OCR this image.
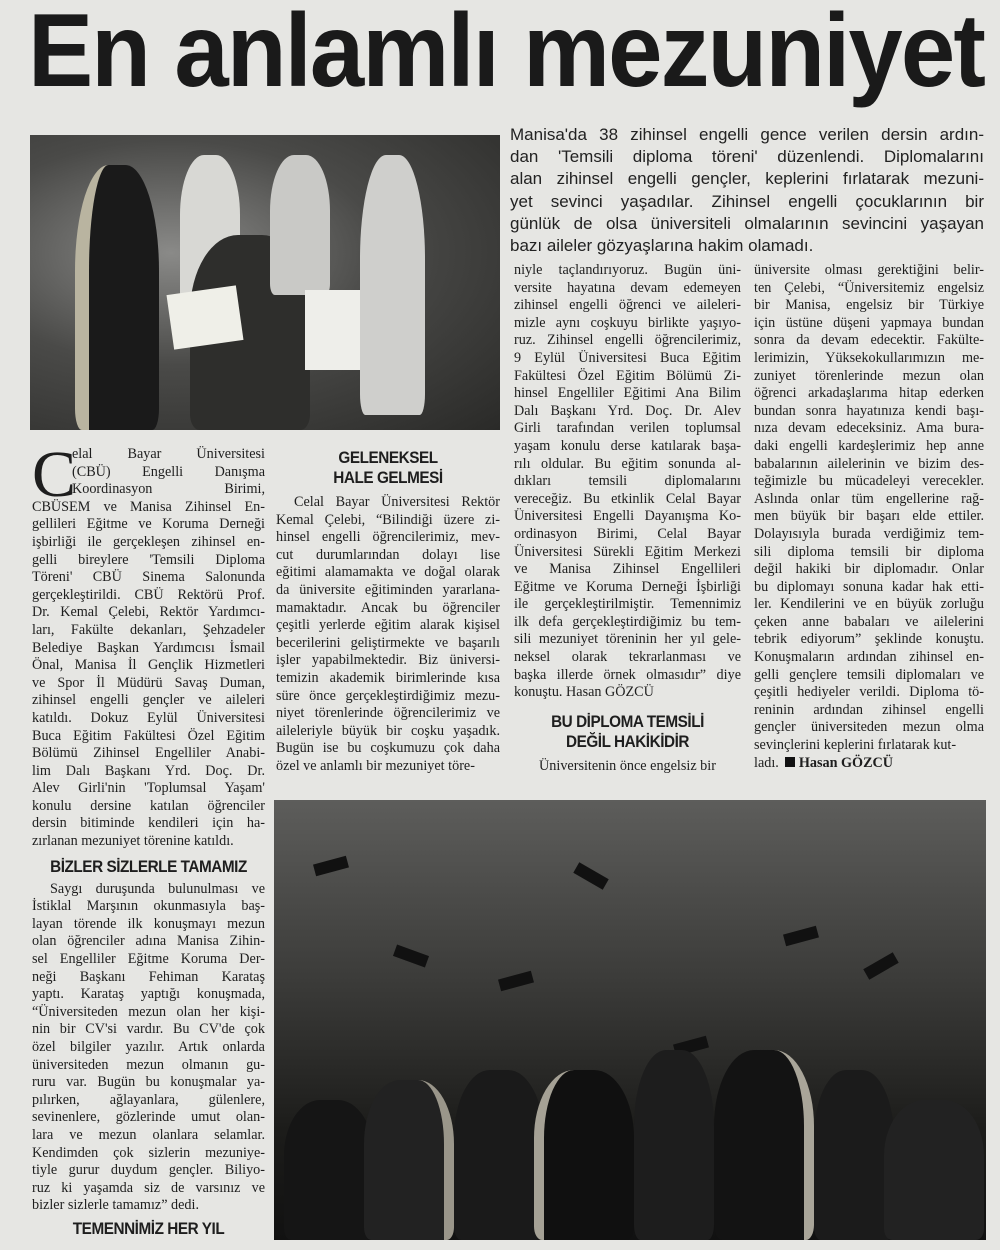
En anlamlı mezuniyet
Manisa'da 38 zihinsel engelli gence verilen dersin ardın-
dan 'Temsili diploma töreni' düzenlendi. Diplomalarını
alan zihinsel engelli gençler, keplerini fırlatarak mezuni-
yet sevinci yaşadılar. Zihinsel engelli çocuklarının bir
günlük de olsa üniversiteli olmalarının sevincini yaşayan
bazı aileler gözyaşlarına hakim olamadı.
C
elal Bayar Üniversitesi
(CBÜ) Engelli Danışma
Koordinasyon Birimi,
CBÜSEM ve Manisa Zihinsel En-
gellileri Eğitme ve Koruma Derneği
işbirliği ile gerçekleşen zihinsel en-
gelli bireylere 'Temsili Diploma
Töreni' CBÜ Sinema Salonunda
gerçekleştirildi. CBÜ Rektörü Prof.
Dr. Kemal Çelebi, Rektör Yardımcı-
ları, Fakülte dekanları, Şehzadeler
Belediye Başkan Yardımcısı İsmail
Önal, Manisa İl Gençlik Hizmetleri
ve Spor İl Müdürü Savaş Duman,
zihinsel engelli gençler ve aileleri
katıldı. Dokuz Eylül Üniversitesi
Buca Eğitim Fakültesi Özel Eğitim
Bölümü Zihinsel Engelliler Anabi-
lim Dalı Başkanı Yrd. Doç. Dr.
Alev Girli'nin 'Toplumsal Yaşam'
konulu dersine katılan öğrenciler
dersin bitiminde kendileri için ha-
zırlanan mezuniyet törenine katıldı.
BİZLER SİZLERLE TAMAMIZ
Saygı duruşunda bulunulması ve
İstiklal Marşının okunmasıyla baş-
layan törende ilk konuşmayı mezun
olan öğrenciler adına Manisa Zihin-
sel Engelliler Eğitme Koruma Der-
neği Başkanı Fehiman Karataş
yaptı. Karataş yaptığı konuşmada,
“Üniversiteden mezun olan her kişi-
nin bir CV'si vardır. Bu CV'de çok
özel bilgiler yazılır. Artık onlarda
üniversiteden mezun olmanın gu-
ruru var. Bugün bu konuşmalar ya-
pılırken, ağlayanlara, gülenlere,
sevinenlere, gözlerinde umut olan-
lara ve mezun olanlara selamlar.
Kendimden çok sizlerin mezuniye-
tiyle gurur duydum gençler. Biliyo-
ruz ki yaşamda siz de varsınız ve
bizler sizlerle tamamız” dedi.
TEMENNİMİZ HER YIL
GELENEKSEL
HALE GELMESİ
Celal Bayar Üniversitesi Rektör
Kemal Çelebi, “Bilindiği üzere zi-
hinsel engelli öğrencilerimiz, mev-
cut durumlarından dolayı lise
eğitimi alamamakta ve doğal olarak
da üniversite eğitiminden yararlana-
mamaktadır. Ancak bu öğrenciler
çeşitli yerlerde eğitim alarak kişisel
becerilerini geliştirmekte ve başarılı
işler yapabilmektedir. Biz üniversi-
temizin akademik birimlerinde kısa
süre önce gerçekleştirdiğimiz mezu-
niyet törenlerinde öğrencilerimiz ve
aileleriyle büyük bir coşku yaşadık.
Bugün ise bu coşkumuzu çok daha
özel ve anlamlı bir mezuniyet töre-
niyle taçlandırıyoruz. Bugün üni-
versite hayatına devam edemeyen
zihinsel engelli öğrenci ve aileleri-
mizle aynı coşkuyu birlikte yaşıyo-
ruz. Zihinsel engelli öğrencilerimiz,
9 Eylül Üniversitesi Buca Eğitim
Fakültesi Özel Eğitim Bölümü Zi-
hinsel Engelliler Eğitimi Ana Bilim
Dalı Başkanı Yrd. Doç. Dr. Alev
Girli tarafından verilen toplumsal
yaşam konulu derse katılarak başa-
rılı oldular. Bu eğitim sonunda al-
dıkları temsili diplomalarını
vereceğiz. Bu etkinlik Celal Bayar
Üniversitesi Engelli Dayanışma Ko-
ordinasyon Birimi, Celal Bayar
Üniversitesi Sürekli Eğitim Merkezi
ve Manisa Zihinsel Engellileri
Eğitme ve Koruma Derneği İşbirliği
ile gerçekleştirilmiştir. Temennimiz
ilk defa gerçekleştirdiğimiz bu tem-
sili mezuniyet töreninin her yıl gele-
neksel olarak tekrarlanması ve
başka illerde örnek olmasıdır” diye
konuştu. Hasan GÖZCÜ
BU DİPLOMA TEMSİLİ
DEĞİL HAKİKİDİR
Üniversitenin önce engelsiz bir
üniversite olması gerektiğini belir-
ten Çelebi, “Üniversitemiz engelsiz
bir Manisa, engelsiz bir Türkiye
için üstüne düşeni yapmaya bundan
sonra da devam edecektir. Fakülte-
lerimizin, Yüksekokullarımızın me-
zuniyet törenlerinde mezun olan
öğrenci arkadaşlarıma hitap ederken
bundan sonra hayatınıza kendi başı-
nıza devam edeceksiniz. Ama bura-
daki engelli kardeşlerimiz hep anne
babalarının ailelerinin ve bizim des-
teğimizle bu mücadeleyi verecekler.
Aslında onlar tüm engellerine rağ-
men büyük bir başarı elde ettiler.
Dolayısıyla burada verdiğimiz tem-
sili diploma temsili bir diploma
değil hakiki bir diplomadır. Onlar
bu diplomayı sonuna kadar hak etti-
ler. Kendilerini ve en büyük zorluğu
çeken anne babaları ve ailelerini
tebrik ediyorum” şeklinde konuştu.
Konuşmaların ardından zihinsel en-
gelli gençlere temsili diplomaları ve
çeşitli hediyeler verildi. Diploma tö-
reninin ardından zihinsel engelli
gençler üniversiteden mezun olma
sevinçlerini keplerini fırlatarak kut-
ladı. Hasan GÖZCÜ
